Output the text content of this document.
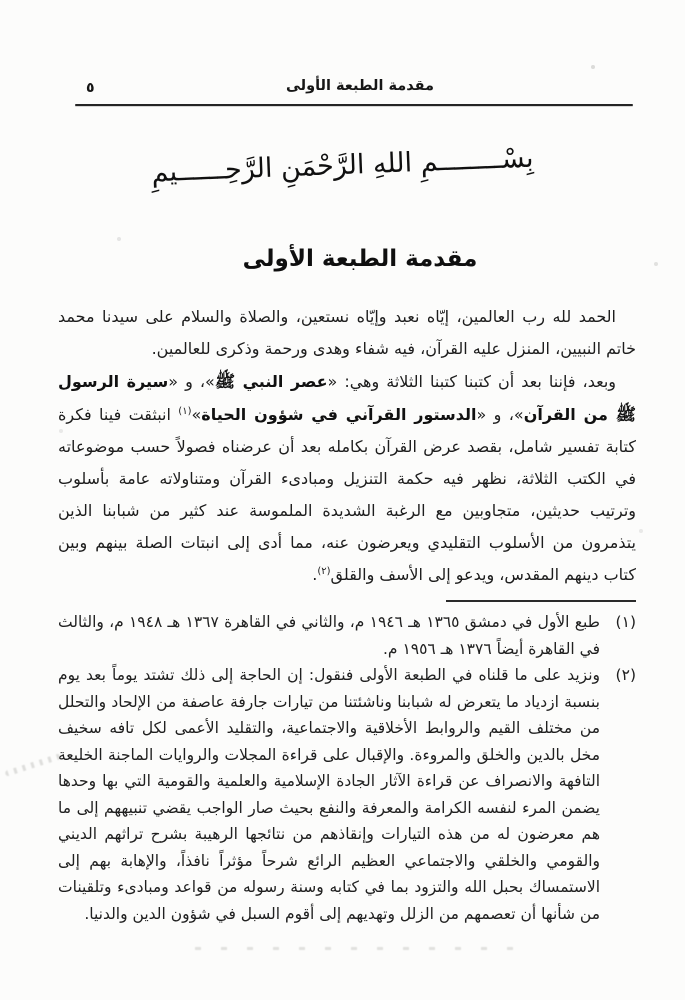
٥	مقدمة الطبعة الأولى
بِسْــــــــمِ اللهِ الرَّحْمَنِ الرَّحِــــــيمِ
مقدمة الطبعة الأولى

الحمد لله رب العالمين، إيّاه نعبد وإيّاه نستعين، والصلاة والسلام على سيدنا محمد خاتم النبيين، المنزل عليه القرآن، فيه شفاء وهدى ورحمة وذكرى للعالمين.

وبعد، فإننا بعد أن كتبنا كتبنا الثلاثة وهي: «عصر النبي ﷺ»، و «سيرة الرسول ﷺ من القرآن»، و «الدستور القرآني في شؤون الحياة»$^{(١)}$ انبثقت فينا فكرة كتابة تفسير شامل، بقصد عرض القرآن بكامله بعد أن عرضناه فصولاً حسب موضوعاته في الكتب الثلاثة، نظهر فيه حكمة التنزيل ومبادىء القرآن ومتناولاته عامة بأسلوب وترتيب حديثين، متجاوبين مع الرغبة الشديدة الملموسة عند كثير من شبابنا الذين يتذمرون من الأسلوب التقليدي ويعرضون عنه، مما أدى إلى انبتات الصلة بينهم وبين كتاب دينهم المقدس، ويدعو إلى الأسف والقلق$^{(٢)}$.

(١)
طبع الأول في دمشق ١٣٦٥ هـ ١٩٤٦ م، والثاني في القاهرة ١٣٦٧ هـ ١٩٤٨ م، والثالث في القاهرة أيضاً ١٣٧٦ هـ ١٩٥٦ م.
(٢)
ونزيد على ما قلناه في الطبعة الأولى فنقول: إن الحاجة إلى ذلك تشتد يوماً بعد يوم بنسبة ازدياد ما يتعرض له شبابنا وناشئتنا من تيارات جارفة عاصفة من الإلحاد والتحلل من مختلف القيم والروابط الأخلاقية والاجتماعية، والتقليد الأعمى لكل تافه سخيف مخل بالدين والخلق والمروءة. والإقبال على قراءة المجلات والروايات الماجنة الخليعة التافهة والانصراف عن قراءة الآثار الجادة الإسلامية والعلمية والقومية التي بها وحدها يضمن المرء لنفسه الكرامة والمعرفة والنفع بحيث صار الواجب يقضي تنبيههم إلى ما هم معرضون له من هذه التيارات وإنقاذهم من نتائجها الرهيبة بشرح تراثهم الديني والقومي والخلقي والاجتماعي العظيم الرائع شرحاً مؤثراً نافذاً، والإهابة بهم إلى الاستمساك بحبل الله والتزود بما في كتابه وسنة رسوله من قواعد ومبادىء وتلقينات من شأنها أن تعصمهم من الزلل وتهديهم إلى أقوم السبل في شؤون الدين والدنيا.
